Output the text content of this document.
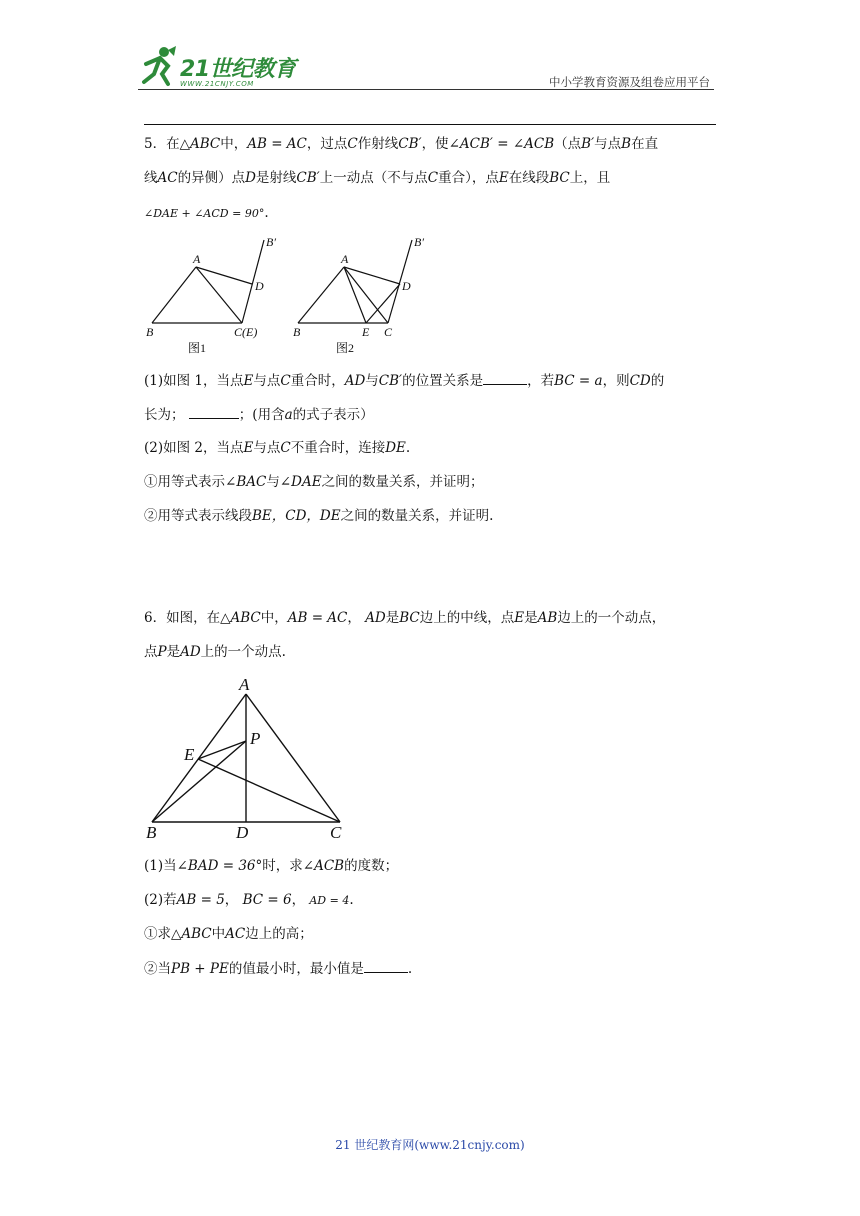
21世纪教育
WWW.21CNJY.COM	中小学教育资源及组卷应用平台
5．在△ABC中，AB = AC，过点C作射线CB′，使∠ACB′ = ∠ACB（点B′与点B在直
线AC的异侧）点D是射线CB′上一动点（不与点C重合），点E在线段BC上，且
∠DAE + ∠ACD = 90°.
A
B	C(E)
D
B′
图1
A
B	E C
D
B′
图2
(1)如图 1，当点E与点C重合时，AD与CB′的位置关系是	，若BC = a，则CD的
长为；	；(用含a的式子表示）
(2)如图 2，当点E与点C不重合时，连接DE.
①用等式表示∠BAC与∠DAE之间的数量关系，并证明；
②用等式表示线段BE，CD，DE之间的数量关系，并证明.
6．如图，在△ABC中，AB = AC， AD是BC边上的中线，点E是AB边上的一个动点，
点P是AD上的一个动点.
A
B	D	C
E
P
(1)当∠BAD = 36°时，求∠ACB的度数；
(2)若AB = 5， BC = 6， AD = 4.
①求△ABC中AC边上的高；
②当PB + PE的值最小时，最小值是	.
21 世纪教育网(www.21cnjy.com)
